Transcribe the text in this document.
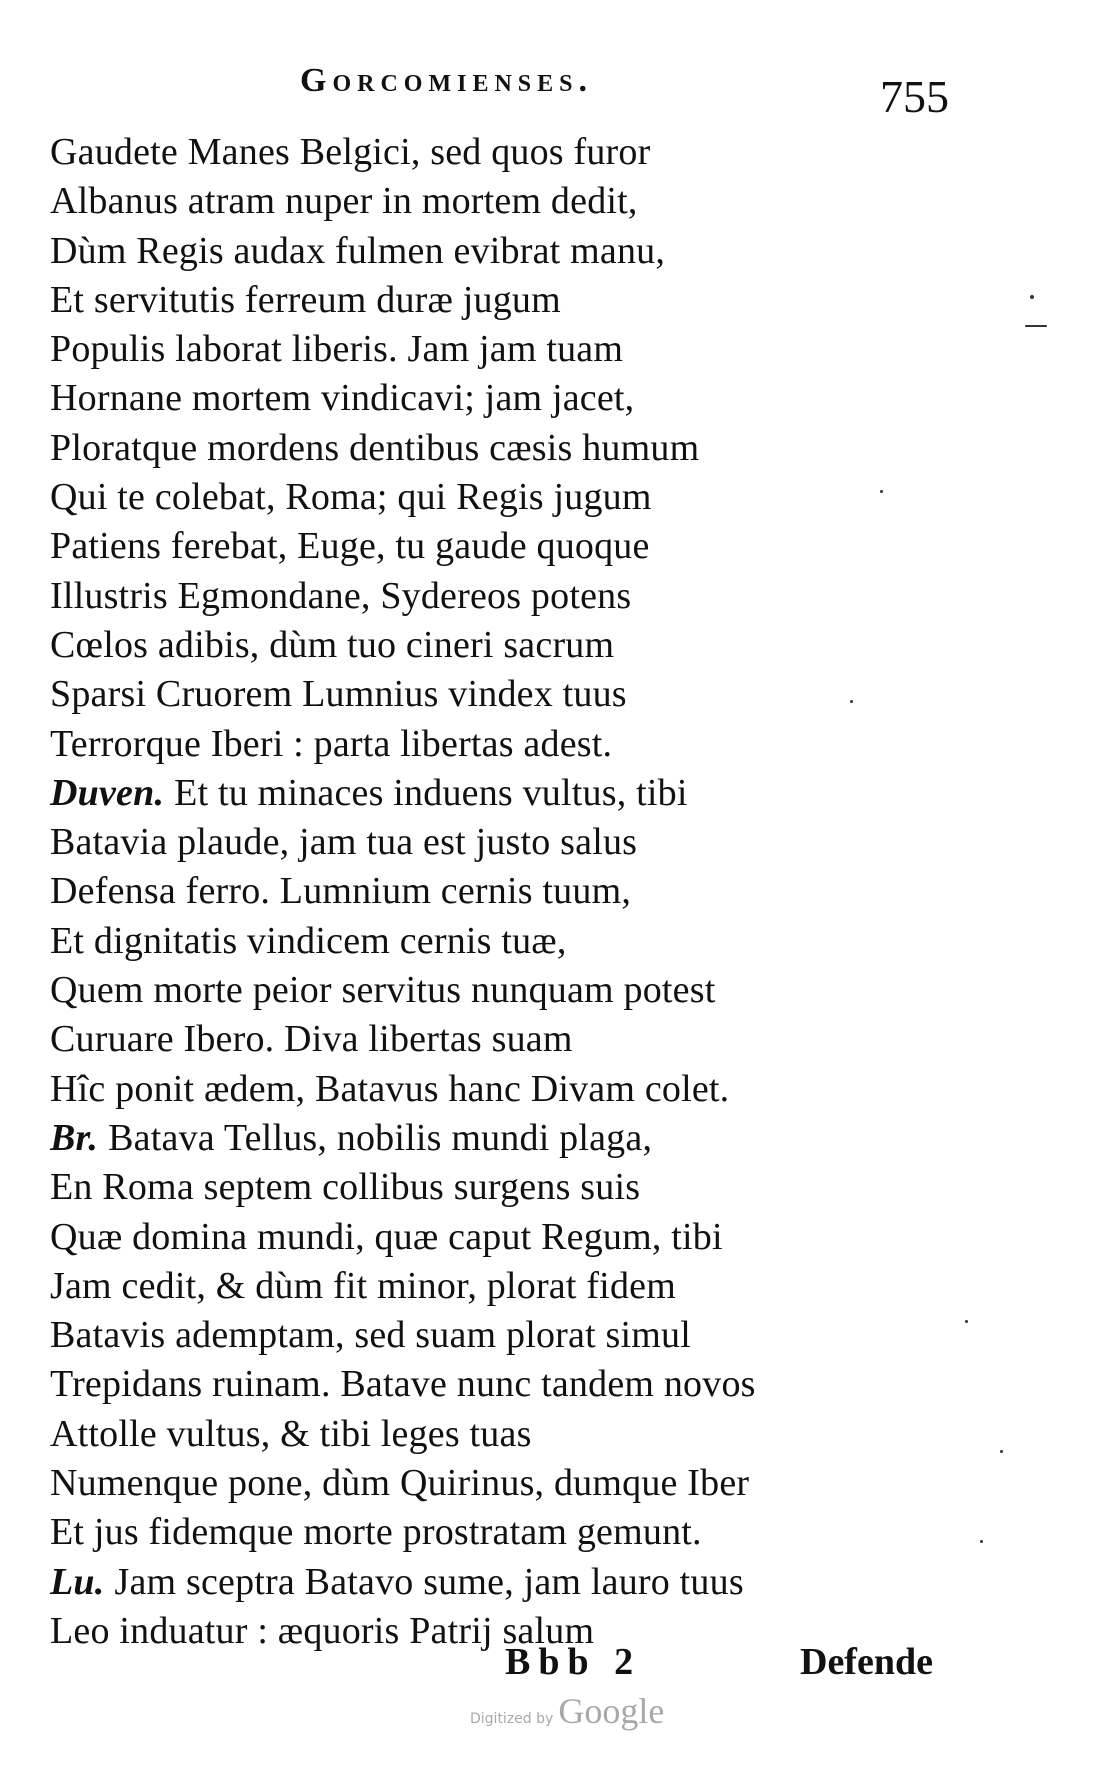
Gorcomienses.	755
Gaudete Manes Belgici, sed quos furor
Albanus atram nuper in mortem dedit,
Dùm Regis audax fulmen evibrat manu,
Et servitutis ferreum duræ jugum
Populis laborat liberis. Jam jam tuam
Hornane mortem vindicavi; jam jacet,
Ploratque mordens dentibus cæsis humum
Qui te colebat, Roma; qui Regis jugum
Patiens ferebat, Euge, tu gaude quoque
Illustris Egmondane, Sydereos potens
Cœlos adibis, dùm tuo cineri sacrum
Sparsi Cruorem Lumnius vindex tuus
Terrorque Iberi : parta libertas adest.
Duven. Et tu minaces induens vultus, tibi
Batavia plaude, jam tua est justo salus
Defensa ferro. Lumnium cernis tuum,
Et dignitatis vindicem cernis tuæ,
Quem morte peior servitus nunquam potest
Curuare Ibero. Diva libertas suam
Hîc ponit ædem, Batavus hanc Divam colet.
Br. Batava Tellus, nobilis mundi plaga,
En Roma septem collibus surgens suis
Quæ domina mundi, quæ caput Regum, tibi
Jam cedit, & dùm fit minor, plorat fidem
Batavis ademptam, sed suam plorat simul
Trepidans ruinam. Batave nunc tandem novos
Attolle vultus, & tibi leges tuas
Numenque pone, dùm Quirinus, dumque Iber
Et jus fidemque morte prostratam gemunt.
Lu. Jam sceptra Batavo sume, jam lauro tuus
Leo induatur : æquoris Patrij salum
Bbb 2	Defende
Digitized by Google
